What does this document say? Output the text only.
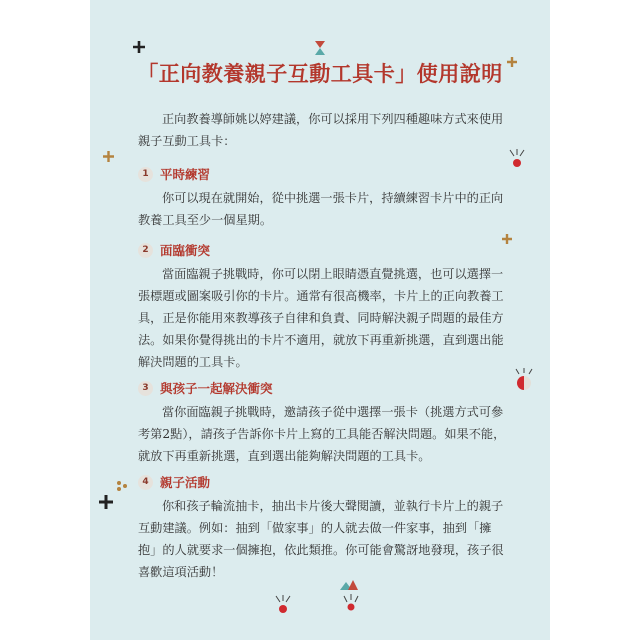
「正向教養親子互動工具卡」使用說明
正向教養導師姚以婷建議，你可以採用下列四種趣味方式來使用親子互動工具卡：
1 平時練習
你可以現在就開始，從中挑選一張卡片，持續練習卡片中的正向教養工具至少一個星期。
2 面臨衝突
當面臨親子挑戰時，你可以閉上眼睛憑直覺挑選，也可以選擇一張標題或圖案吸引你的卡片。通常有很高機率，卡片上的正向教養工具，正是你能用來教導孩子自律和負責、同時解決親子問題的最佳方法。如果你覺得挑出的卡片不適用，就放下再重新挑選，直到選出能解決問題的工具卡。
3 與孩子一起解決衝突
當你面臨親子挑戰時，邀請孩子從中選擇一張卡（挑選方式可參考第2點），請孩子告訴你卡片上寫的工具能否解決問題。如果不能，就放下再重新挑選，直到選出能夠解決問題的工具卡。
4 親子活動
你和孩子輪流抽卡，抽出卡片後大聲閱讀，並執行卡片上的親子互動建議。例如：抽到「做家事」的人就去做一件家事，抽到「擁抱」的人就要求一個擁抱，依此類推。你可能會驚訝地發現，孩子很喜歡這項活動！
